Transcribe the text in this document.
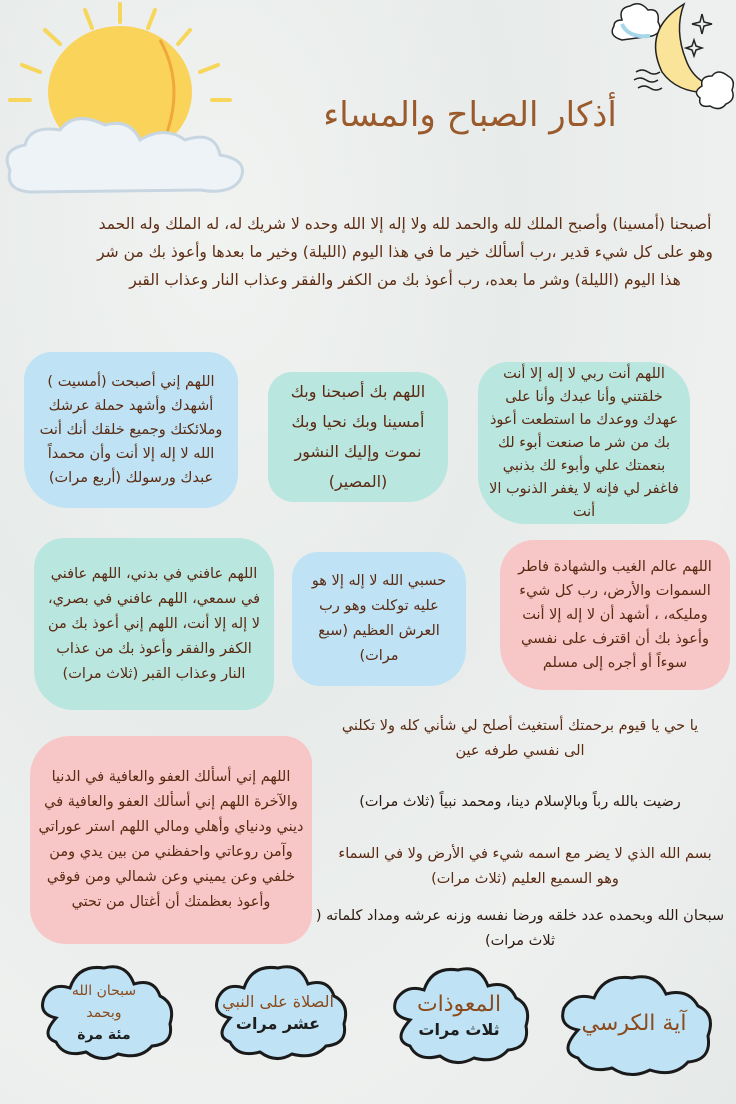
أذكار الصباح والمساء

أصبحنا (أمسينا) وأصبح الملك لله والحمد لله ولا إله إلا الله وحده لا شريك له، له الملك وله الحمد وهو على كل شيء قدير ،رب أسألك خير ما في هذا اليوم (الليلة) وخير ما بعدها وأعوذ بك من شر هذا اليوم (الليلة) وشر ما بعده، رب أعوذ بك من الكفر والفقر وعذاب النار وعذاب القبر

اللهم أنت ربي لا إله إلا أنت خلقتني وأنا عبدك وأنا على عهدك ووعدك ما استطعت أعوذ بك من شر ما صنعت أبوء لك بنعمتك علي وأبوء لك بذنبي فاغفر لي فإنه لا يغفر الذنوب الا أنت
اللهم بك أصبحنا وبك أمسينا وبك نحيا وبك نموت وإليك النشور (المصير)
اللهم إني أصبحت (أمسيت ) أشهدك وأشهد حملة عرشك وملائكتك وجميع خلقك أنك أنت الله لا إله إلا أنت وأن محمداً عبدك ورسولك (أربع مرات)
اللهم عالم الغيب والشهادة فاطر السموات والأرض، رب كل شيء ومليكه، ، أشهد أن لا إله إلا أنت وأعوذ بك أن اقترف على نفسي سوءاً أو أجره إلى مسلم
حسبي الله لا إله إلا هو عليه توكلت وهو رب العرش العظيم (سبع مرات)
اللهم عافني في بدني، اللهم عافني في سمعي، اللهم عافني في بصري، لا إله إلا أنت، اللهم إني أعوذ بك من الكفر والفقر وأعوذ بك من عذاب النار وعذاب القبر (ثلاث مرات)

يا حي يا قيوم برحمتك أستغيث أصلح لي شأني كله ولا تكلني الى نفسي طرفه عين

رضيت بالله رباً وبالإسلام دينا، ومحمد نبياً (ثلاث مرات)

بسم الله الذي لا يضر مع اسمه شيء في الأرض ولا في السماء وهو السميع العليم (ثلاث مرات)

سبحان الله وبحمده عدد خلقه ورضا نفسه وزنه عرشه ومداد كلماته ( ثلاث مرات)

اللهم إني أسألك العفو والعافية في الدنيا والآخرة اللهم إني أسألك العفو والعافية في ديني ودنياي وأهلي ومالي اللهم استر عوراتي وآمن روعاتي واحفظني من بين يدي ومن خلفي وعن يميني وعن شمالي ومن فوقي وأعوذ بعظمتك أن أغتال من تحتي
آية الكرسي
المعوذات
ثلاث مرات
الصلاة على النبي
عشر مرات
سبحان الله وبحمد
مئة مرة
